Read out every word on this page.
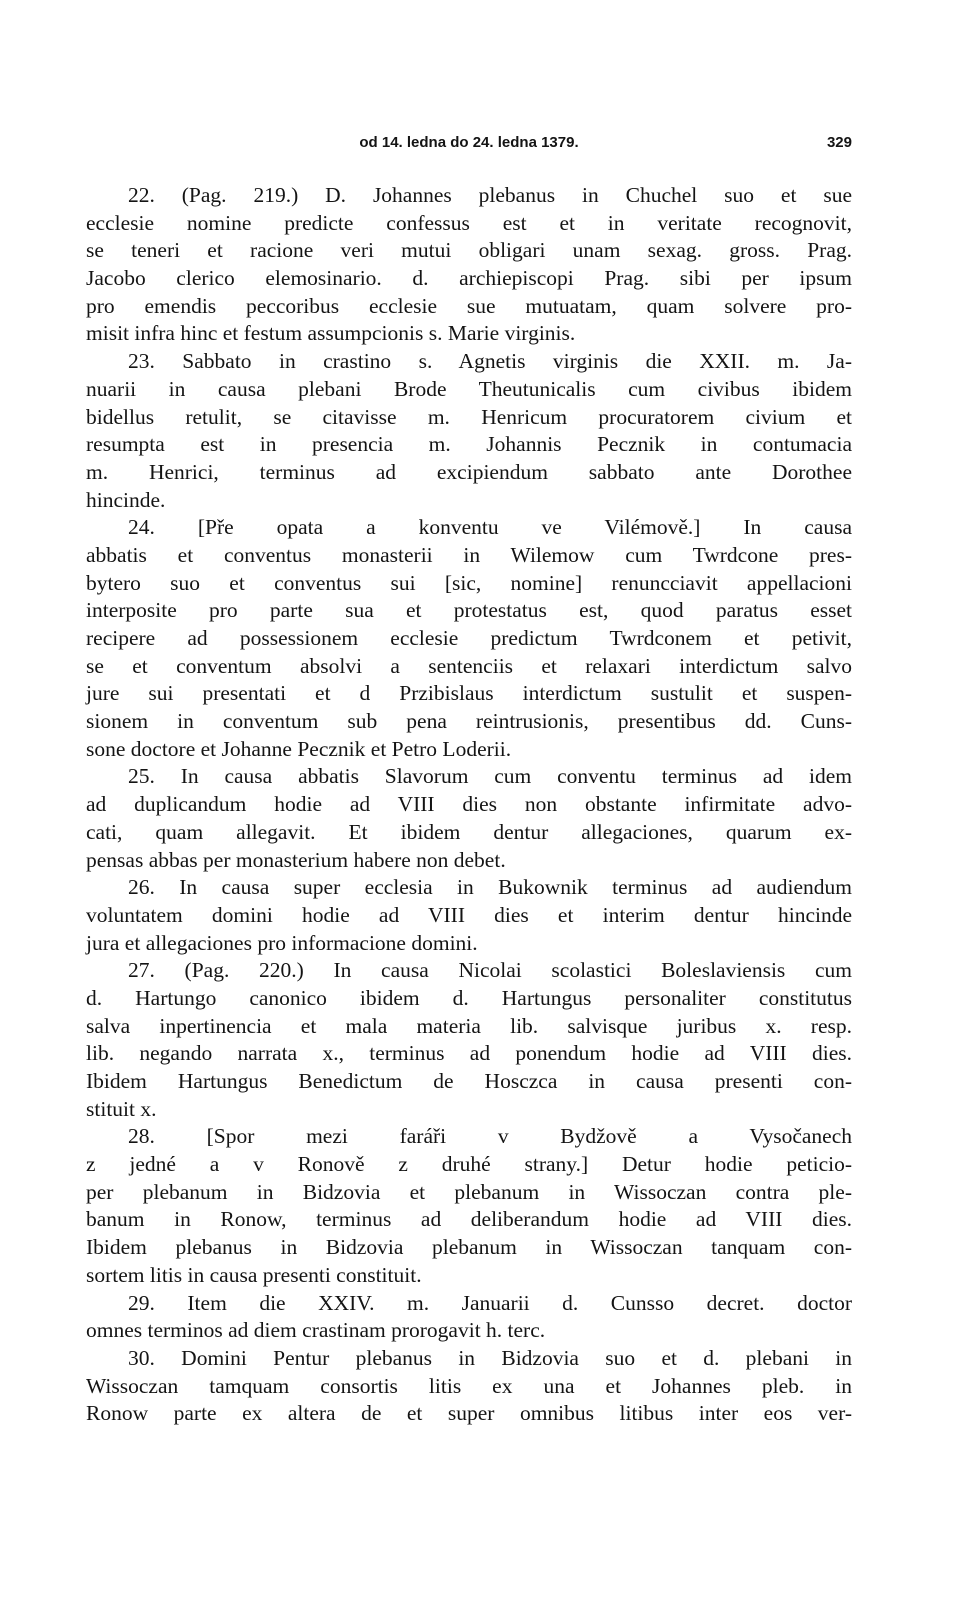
od 14. ledna do 24. ledna 1379.	329
22. (Pag. 219.) D. Johannes plebanus in Chuchel suo et sue
ecclesie nomine predicte confessus est et in veritate recognovit,
se teneri et racione veri mutui obligari unam sexag. gross. Prag.
Jacobo clerico elemosinario. d. archiepiscopi Prag. sibi per ipsum
pro emendis peccoribus ecclesie sue mutuatam, quam solvere pro-
misit infra hinc et festum assumpcionis s. Marie virginis.
23. Sabbato in crastino s. Agnetis virginis die XXII. m. Ja-
nuarii in causa plebani Brode Theutunicalis cum civibus ibidem
bidellus retulit, se citavisse m. Henricum procuratorem civium et
resumpta est in presencia m. Johannis Pecznik in contumacia
m. Henrici, terminus ad excipiendum sabbato ante Dorothee
hincinde.
24. [Pře opata a konventu ve Vilémově.] In causa
abbatis et conventus monasterii in Wilemow cum Twrdcone pres-
bytero suo et conventus sui [sic, nomine] renuncciavit appellacioni
interposite pro parte sua et protestatus est, quod paratus esset
recipere ad possessionem ecclesie predictum Twrdconem et petivit,
se et conventum absolvi a sentenciis et relaxari interdictum salvo
jure sui presentati et d Przibislaus interdictum sustulit et suspen-
sionem in conventum sub pena reintrusionis, presentibus dd. Cuns-
sone doctore et Johanne Pecznik et Petro Loderii.
25. In causa abbatis Slavorum cum conventu terminus ad idem
ad duplicandum hodie ad VIII dies non obstante infirmitate advo-
cati, quam allegavit. Et ibidem dentur allegaciones, quarum ex-
pensas abbas per monasterium habere non debet.
26. In causa super ecclesia in Bukownik terminus ad audiendum
voluntatem domini hodie ad VIII dies et interim dentur hincinde
jura et allegaciones pro informacione domini.
27. (Pag. 220.) In causa Nicolai scolastici Boleslaviensis cum
d. Hartungo canonico ibidem d. Hartungus personaliter constitutus
salva inpertinencia et mala materia lib. salvisque juribus x. resp.
lib. negando narrata x., terminus ad ponendum hodie ad VIII dies.
Ibidem Hartungus Benedictum de Hosczca in causa presenti con-
stituit x.
28. [Spor mezi faráři v Bydžově a Vysočanech
z jedné a v Ronově z druhé strany.] Detur hodie peticio-
per plebanum in Bidzovia et plebanum in Wissoczan contra ple-
banum in Ronow, terminus ad deliberandum hodie ad VIII dies.
Ibidem plebanus in Bidzovia plebanum in Wissoczan tanquam con-
sortem litis in causa presenti constituit.
29. Item die XXIV. m. Januarii d. Cunsso decret. doctor
omnes terminos ad diem crastinam prorogavit h. terc.
30. Domini Pentur plebanus in Bidzovia suo et d. plebani in
Wissoczan tamquam consortis litis ex una et Johannes pleb. in
Ronow parte ex altera de et super omnibus litibus inter eos ver-
